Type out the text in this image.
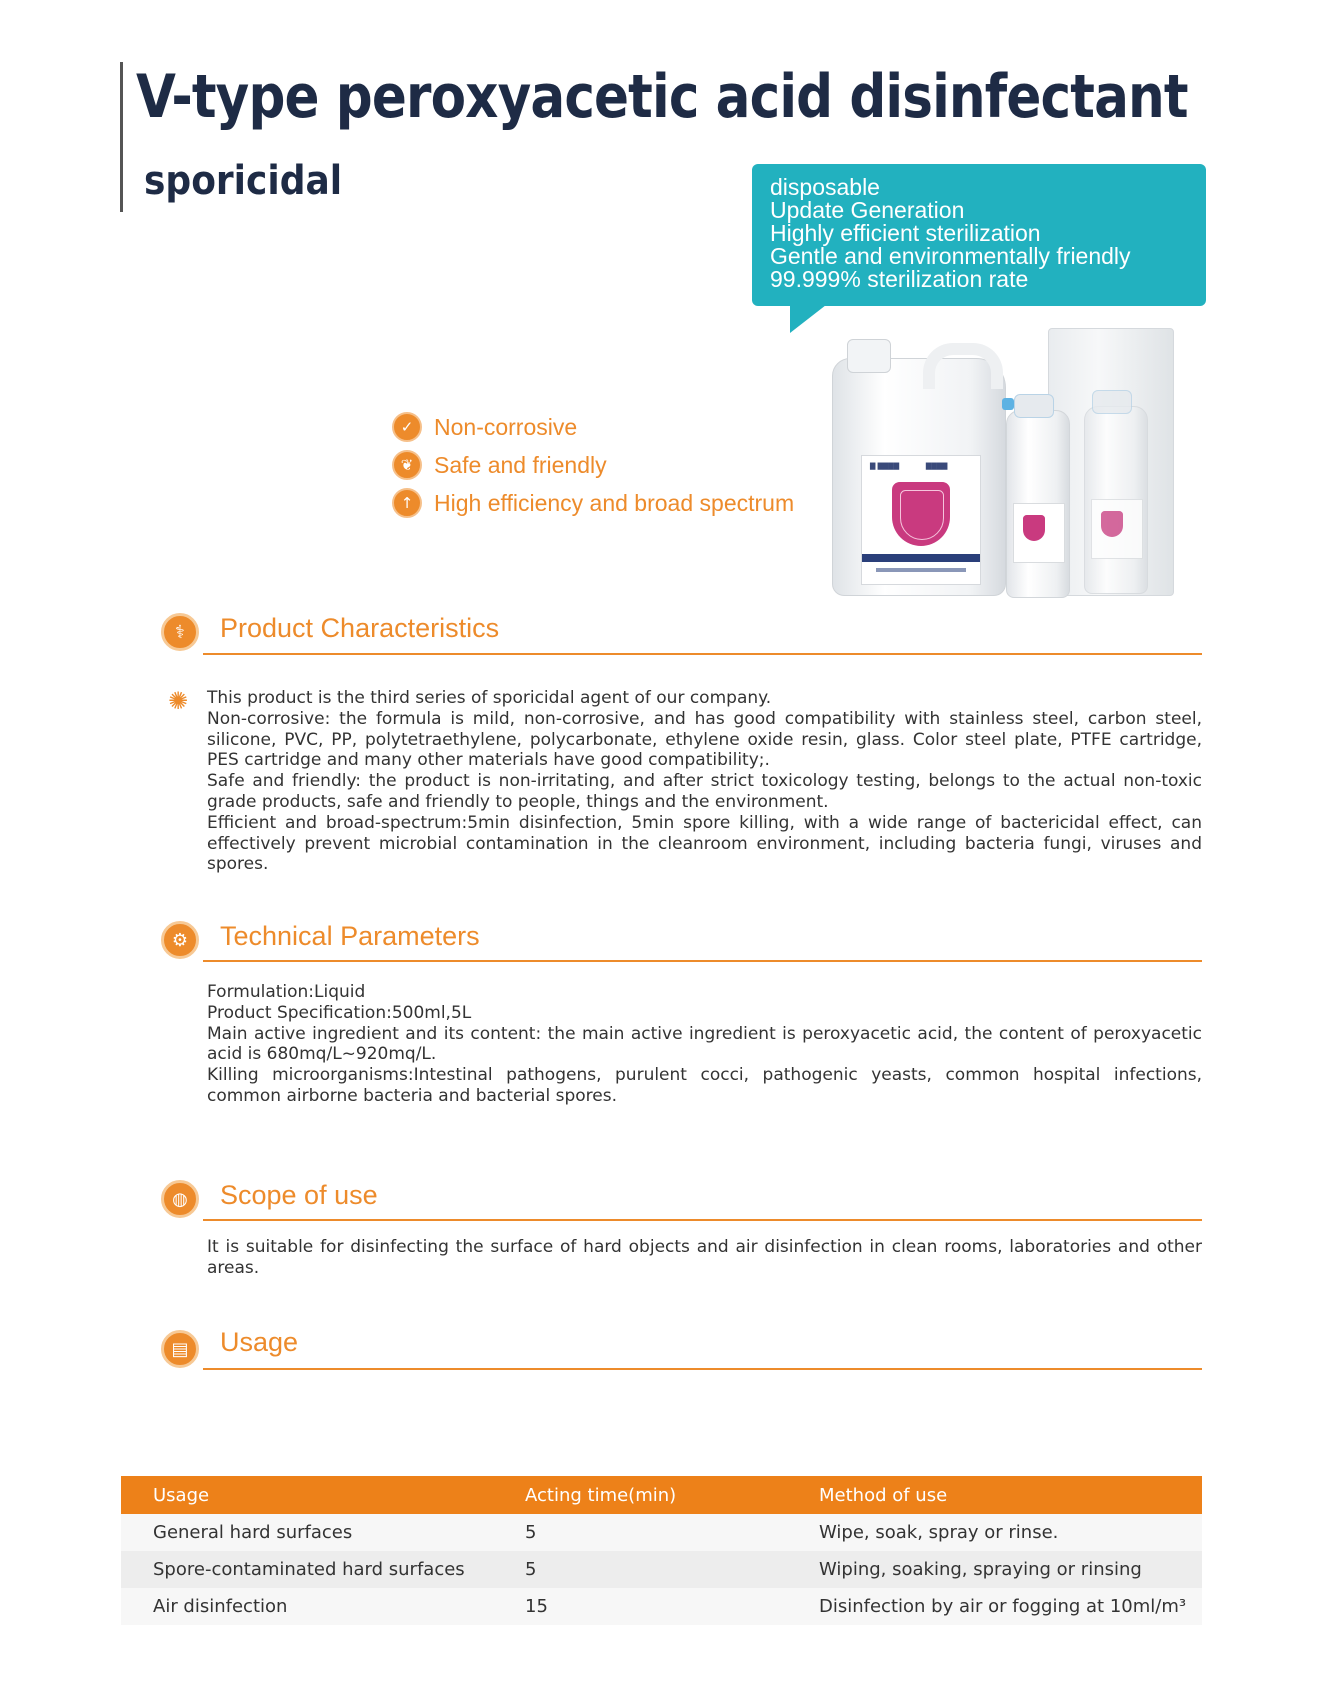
V-type peroxyacetic acid disinfectant
sporicidal	disposable
Update Generation
Highly efficient sterilization
Gentle and environmentally friendly
99.999% sterilization rate
✓ Non-corrosive
❦ Safe and friendly
↑ High efficiency and broad spectrum
▇ ▇▇▇▇            ▇▇▇▇
⚕	Product Characteristics
✺ This product is the third series of sporicidal agent of our company.
Non-corrosive: the formula is mild, non-corrosive, and has good compatibility with stainless steel, carbon steel, silicone, PVC, PP, polytetraethylene, polycarbonate, ethylene oxide resin, glass. Color steel plate, PTFE cartridge, PES cartridge and many other materials have good compatibility;.
Safe and friendly: the product is non-irritating, and after strict toxicology testing, belongs to the actual non-toxic grade products, safe and friendly to people, things and the environment.
Efficient and broad-spectrum:5min disinfection, 5min spore killing, with a wide range of bactericidal effect, can effectively prevent microbial contamination in the cleanroom environment, including bacteria fungi, viruses and spores.
⚙	Technical Parameters
Formulation:Liquid
Product Specification:500ml,5L
Main active ingredient and its content: the main active ingredient is peroxyacetic acid, the content of peroxyacetic acid is 680mq/L~920mq/L.
Killing microorganisms:Intestinal pathogens, purulent cocci, pathogenic yeasts, common hospital infections, common airborne bacteria and bacterial spores.
◍	Scope of use
It is suitable for disinfecting the surface of hard objects and air disinfection in clean rooms, laboratories and other areas.
▤	Usage
Usage	Acting time(min)	Method of use
General hard surfaces	5	Wipe, soak, spray or rinse.
Spore-contaminated hard surfaces	5	Wiping, soaking, spraying or rinsing
Air disinfection	15	Disinfection by air or fogging at 10ml/m³
